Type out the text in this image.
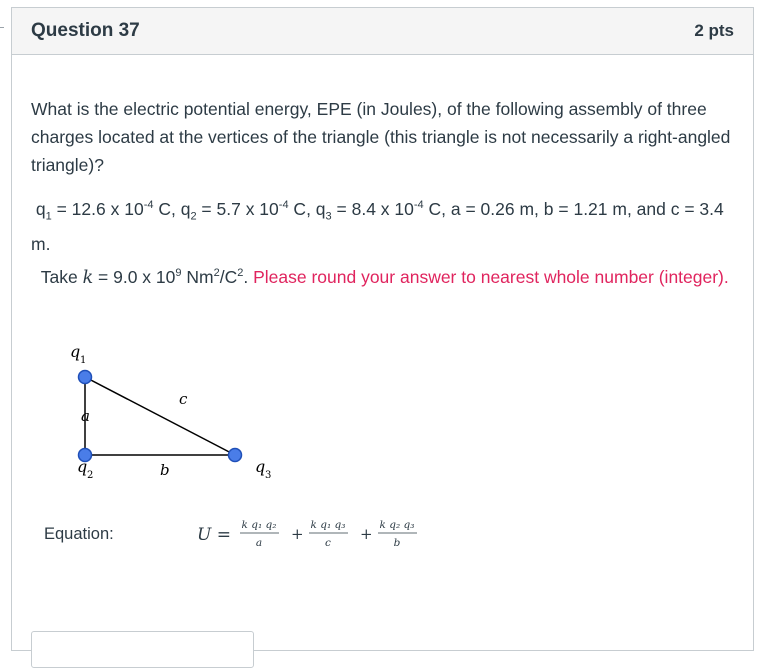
Question 37	2 pts
What is the electric potential energy, EPE (in Joules), of the following assembly of three charges located at the vertices of the triangle (this triangle is not necessarily a right-angled triangle)?
$q_1 = 12.6$ x $10^{-4}$ C, $q_2 = 5.7$ x $10^{-4}$ C, $q_3 = 8.4$ x $10^{-4}$ C, a = 0.26 m, b = 1.21 m, and c = 3.4 m.
Take k = 9.0 x $10^9$ $Nm^2/C^2$. Please round your answer to nearest whole number (integer).
q 1
q 2	q 3
a
b
c
Equation:	U = k q₁ q₂
a + k q₁ q₃
c + k q₂ q₃
b
